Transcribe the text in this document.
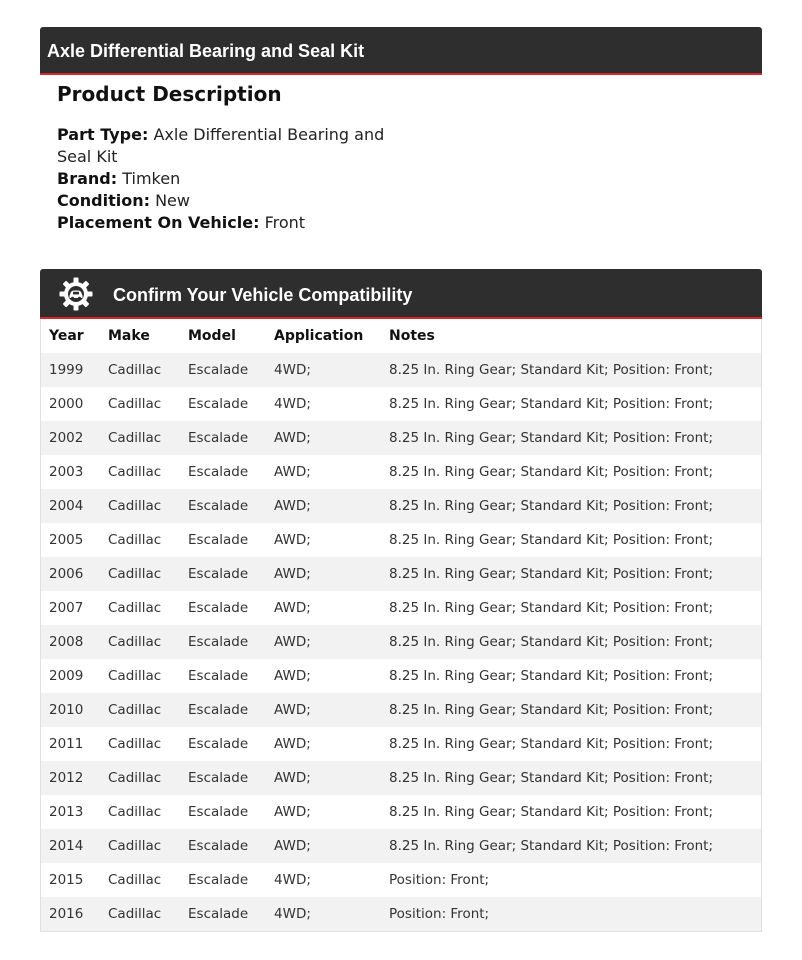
Axle Differential Bearing and Seal Kit
Product Description
Part Type: Axle Differential Bearing and Seal Kit
Brand: Timken
Condition: New
Placement On Vehicle: Front
Confirm Your Vehicle Compatibility
Year	Make	Model	Application	Notes
1999	Cadillac	Escalade	4WD;	8.25 In. Ring Gear; Standard Kit; Position: Front;
2000	Cadillac	Escalade	4WD;	8.25 In. Ring Gear; Standard Kit; Position: Front;
2002	Cadillac	Escalade	AWD;	8.25 In. Ring Gear; Standard Kit; Position: Front;
2003	Cadillac	Escalade	AWD;	8.25 In. Ring Gear; Standard Kit; Position: Front;
2004	Cadillac	Escalade	AWD;	8.25 In. Ring Gear; Standard Kit; Position: Front;
2005	Cadillac	Escalade	AWD;	8.25 In. Ring Gear; Standard Kit; Position: Front;
2006	Cadillac	Escalade	AWD;	8.25 In. Ring Gear; Standard Kit; Position: Front;
2007	Cadillac	Escalade	AWD;	8.25 In. Ring Gear; Standard Kit; Position: Front;
2008	Cadillac	Escalade	AWD;	8.25 In. Ring Gear; Standard Kit; Position: Front;
2009	Cadillac	Escalade	AWD;	8.25 In. Ring Gear; Standard Kit; Position: Front;
2010	Cadillac	Escalade	AWD;	8.25 In. Ring Gear; Standard Kit; Position: Front;
2011	Cadillac	Escalade	AWD;	8.25 In. Ring Gear; Standard Kit; Position: Front;
2012	Cadillac	Escalade	AWD;	8.25 In. Ring Gear; Standard Kit; Position: Front;
2013	Cadillac	Escalade	AWD;	8.25 In. Ring Gear; Standard Kit; Position: Front;
2014	Cadillac	Escalade	AWD;	8.25 In. Ring Gear; Standard Kit; Position: Front;
2015	Cadillac	Escalade	4WD;	Position: Front;
2016	Cadillac	Escalade	4WD;	Position: Front;
